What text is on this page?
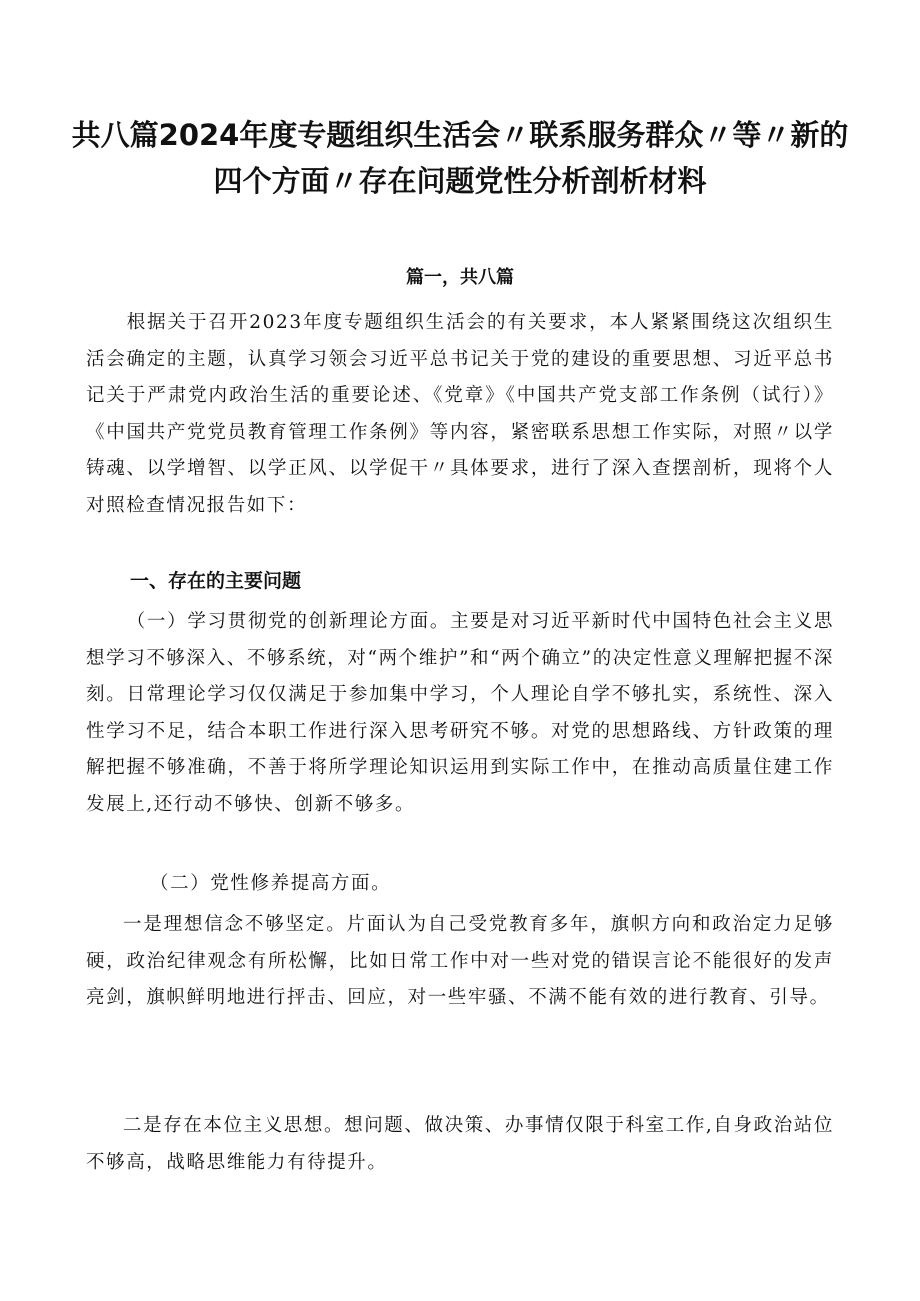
共八篇2024年度专题组织生活会〃联系服务群众〃等〃新的四个方面〃存在问题党性分析剖析材料
篇一，共八篇

根据关于召开2023年度专题组织生活会的有关要求，本人紧紧围绕这次组织生活会确定的主题，认真学习领会习近平总书记关于党的建设的重要思想、习近平总书记关于严肃党内政治生活的重要论述、《党章》《中国共产党支部工作条例（试行）》《中国共产党党员教育管理工作条例》等内容，紧密联系思想工作实际，对照〃以学铸魂、以学增智、以学正风、以学促干〃具体要求，进行了深入查摆剖析，现将个人对照检查情况报告如下：

一、存在的主要问题

（一）学习贯彻党的创新理论方面。主要是对习近平新时代中国特色社会主义思想学习不够深入、不够系统，对“两个维护”和“两个确立”的决定性意义理解把握不深刻。日常理论学习仅仅满足于参加集中学习，个人理论自学不够扎实，系统性、深入性学习不足，结合本职工作进行深入思考研究不够。对党的思想路线、方针政策的理解把握不够准确，不善于将所学理论知识运用到实际工作中，在推动高质量住建工作发展上,还行动不够快、创新不够多。

（二）党性修养提高方面。

一是理想信念不够坚定。片面认为自己受党教育多年，旗帜方向和政治定力足够硬，政治纪律观念有所松懈，比如日常工作中对一些对党的错误言论不能很好的发声亮剑，旗帜鲜明地进行抨击、回应，对一些牢骚、不满不能有效的进行教育、引导。

二是存在本位主义思想。想问题、做决策、办事情仅限于科室工作,自身政治站位不够高，战略思维能力有待提升。
